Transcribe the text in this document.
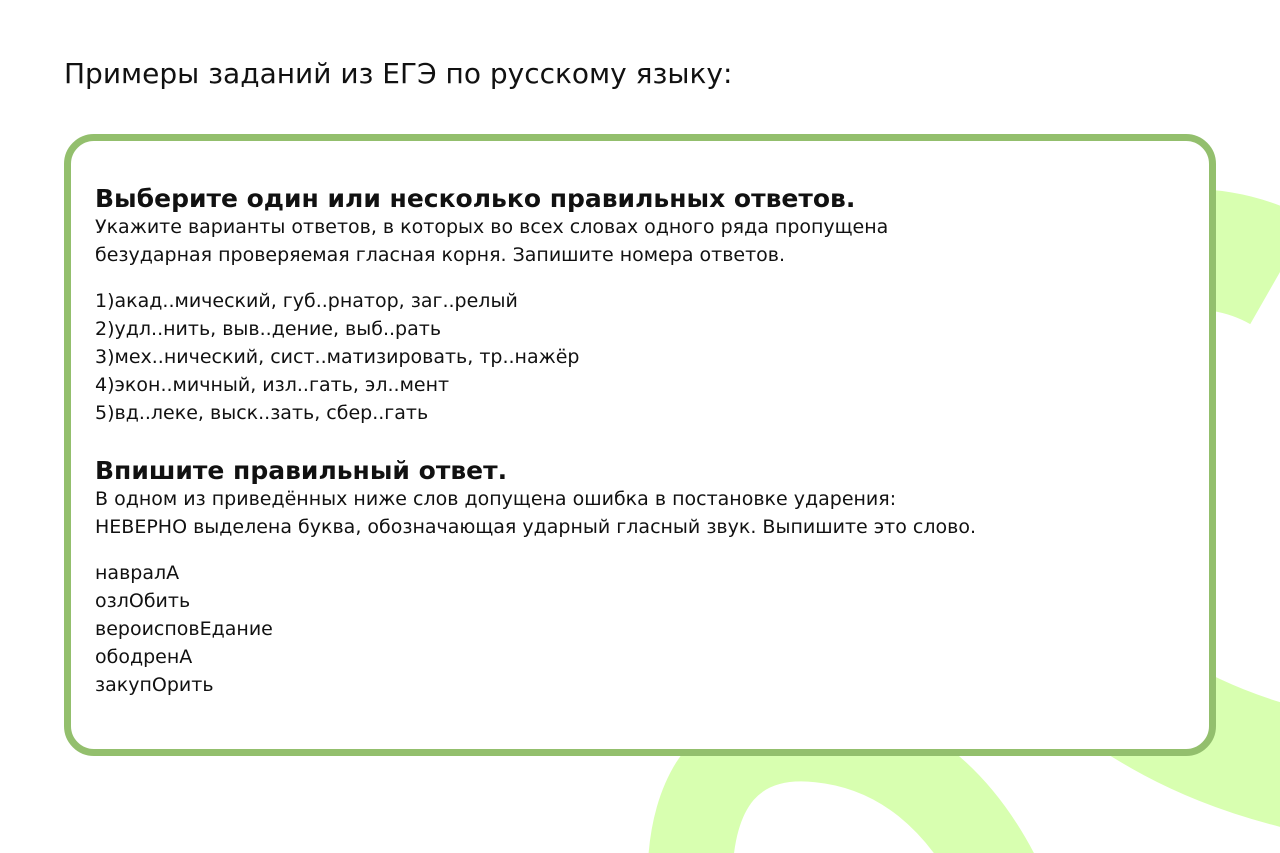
Примеры заданий из ЕГЭ по русскому языку:
Выберите один или несколько правильных ответов.

Укажите варианты ответов, в которых во всех словах одного ряда пропущена

безударная проверяемая гласная корня. Запишите номера ответов.

1)акад..мический, губ..рнатор, заг..релый
2)удл..нить, выв..дение, выб..рать
3)мех..нический, сист..матизировать, тр..нажёр
4)экон..мичный, изл..гать, эл..мент
5)вд..леке, выск..зать, сбер..гать
Впишите правильный ответ.

В одном из приведённых ниже слов допущена ошибка в постановке ударения:

НЕВЕРНО выделена буква, обозначающая ударный гласный звук. Выпишите это слово.

навралА
озлОбить
вероисповЕдание
ободренА
закупОрить
